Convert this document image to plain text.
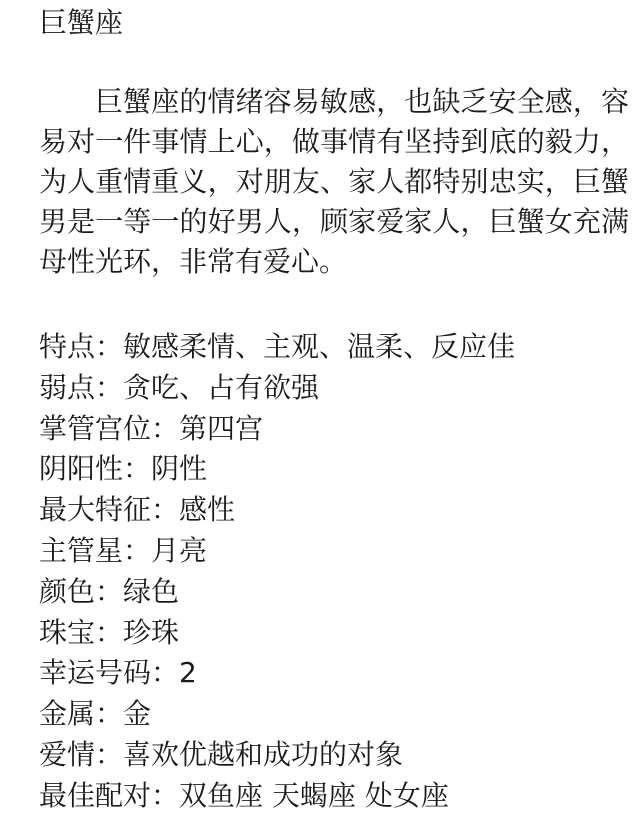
巨蟹座

巨蟹座的情绪容易敏感，也缺乏安全感，容易对一件事情上心，做事情有坚持到底的毅力，为人重情重义，对朋友、家人都特别忠实，巨蟹男是一等一的好男人，顾家爱家人，巨蟹女充满母性光环，非常有爱心。

特点：敏感柔情、主观、温柔、反应佳
弱点：贪吃、占有欲强
掌管宫位：第四宫
阴阳性：阴性
最大特征：感性
主管星：月亮
颜色：绿色
珠宝：珍珠
幸运号码：2
金属：金
爱情：喜欢优越和成功的对象
最佳配对：双鱼座 天蝎座 处女座
